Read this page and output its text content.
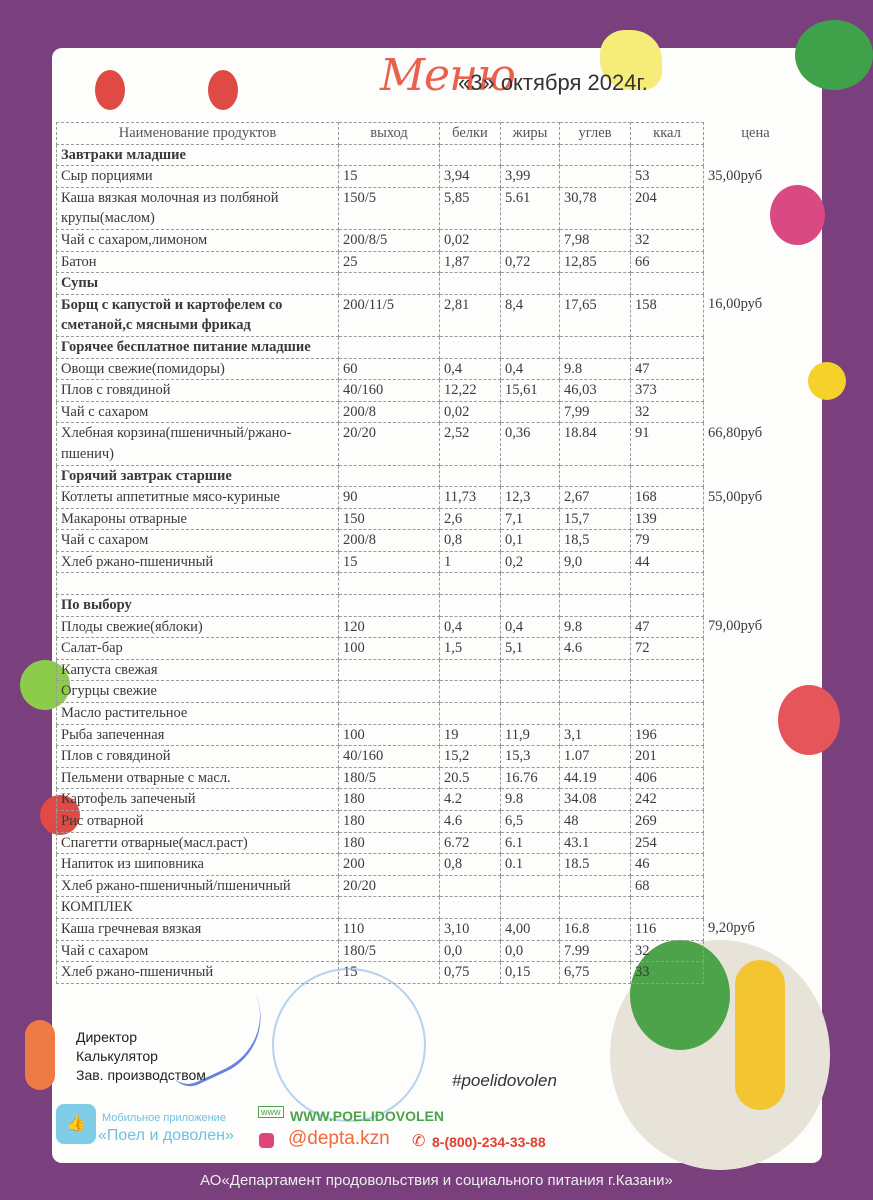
Меню
«3» октября 2024г.
Наименование продуктов	выход	белки	жиры	углев	ккал	цена
Завтраки младшие						
Сыр порциями	15	3,94	3,99		53	35,00руб
Каша вязкая молочная из полбяной крупы(маслом)	150/5	5,85	5.61	30,78	204	
Чай с сахаром,лимоном	200/8/5	0,02		7,98	32	
Батон	25	1,87	0,72	12,85	66	
Супы						
Борщ с капустой и картофелем со сметаной,с мясными фрикад	200/11/5	2,81	8,4	17,65	158	16,00руб
Горячее бесплатное питание младшие						
Овощи свежие(помидоры)	60	0,4	0,4	9.8	47	
Плов с говядиной	40/160	12,22	15,61	46,03	373	
Чай с сахаром	200/8	0,02		7,99	32	
Хлебная корзина(пшеничный/ржано-пшенич)	20/20	2,52	0,36	18.84	91	66,80руб
Горячий завтрак старшие						
Котлеты аппетитные мясо-куриные	90	11,73	12,3	2,67	168	55,00руб
Макароны отварные	150	2,6	7,1	15,7	139	
Чай с сахаром	200/8	0,8	0,1	18,5	79	
Хлеб ржано-пшеничный	15	1	0,2	9,0	44	

По выбору						
Плоды свежие(яблоки)	120	0,4	0,4	9.8	47	79,00руб
Салат-бар	100	1,5	5,1	4.6	72	
Капуста свежая						
Огурцы свежие						
Масло растительное						
Рыба запеченная	100	19	11,9	3,1	196	
Плов с говядиной	40/160	15,2	15,3	1.07	201	
Пельмени отварные с масл.	180/5	20.5	16.76	44.19	406	
Картофель запеченый	180	4.2	9.8	34.08	242	
Рис отварной	180	4.6	6,5	48	269	
Спагетти отварные(масл.раст)	180	6.72	6.1	43.1	254	
Напиток из шиповника	200	0,8	0.1	18.5	46	
Хлеб ржано-пшеничный/пшеничный	20/20				68	
КОМПЛЕК						
Каша гречневая вязкая	110	3,10	4,00	16.8	116	9,20руб
Чай с сахаром	180/5	0,0	0,0	7.99	32	
Хлеб ржано-пшеничный	15	0,75	0,15	6,75	33	
Директор
Калькулятор
Зав. производством	#poelidovolen
👍	Мобильное приложение
«Поел и доволен»
www WWW.POELIDOVOLEN
@depta.kzn ✆ 8-(800)-234-33-88
АО«Департамент продовольствия и социального питания г.Казани»
